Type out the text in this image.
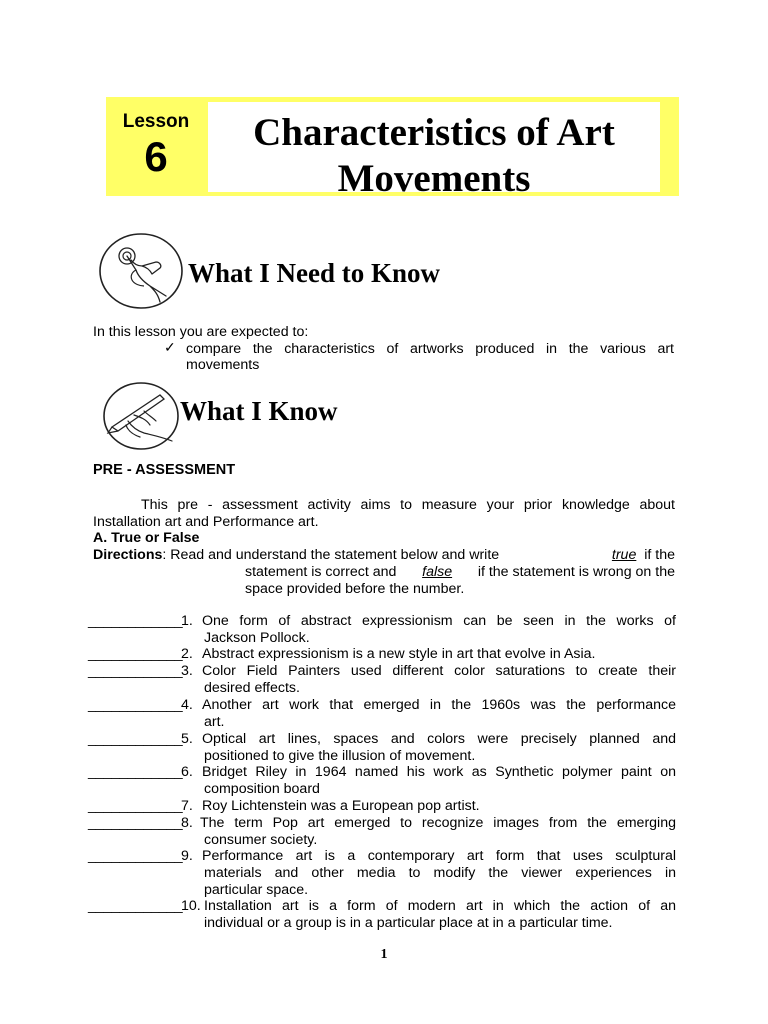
Lesson
6
Characteristics of Art
Movements
What I Need to Know
In this lesson you are expected to:
✓ compare the characteristics of artworks produced in the various art
movements
What I Know
PRE - ASSESSMENT
This pre - assessment activity aims to measure your prior knowledge about
Installation art and Performance art.
A. True or False
Directions: Read and understand the statement below and write	true if the
statement is correct and false if the statement is wrong on the
space provided before the number.
____________
1. One form of abstract expressionism can be seen in the works of
Jackson Pollock.
____________
2. Abstract expressionism is a new style in art that evolve in Asia.
____________
3. Color Field Painters used different color saturations to create their
desired effects.
____________
4. Another art work that emerged in the 1960s was the performance
art.
____________
5. Optical art lines, spaces and colors were precisely planned and
positioned to give the illusion of movement.
____________
6. Bridget Riley in 1964 named his work as Synthetic polymer paint on
composition board
____________
7. Roy Lichtenstein was a European pop artist.
____________
8. The term Pop art emerged to recognize images from the emerging
consumer society.
____________
9. Performance art is a contemporary art form that uses sculptural
materials and other media to modify the viewer experiences in
particular space.
____________
10. Installation art is a form of modern art in which the action of an
individual or a group is in a particular place at in a particular time.
1
